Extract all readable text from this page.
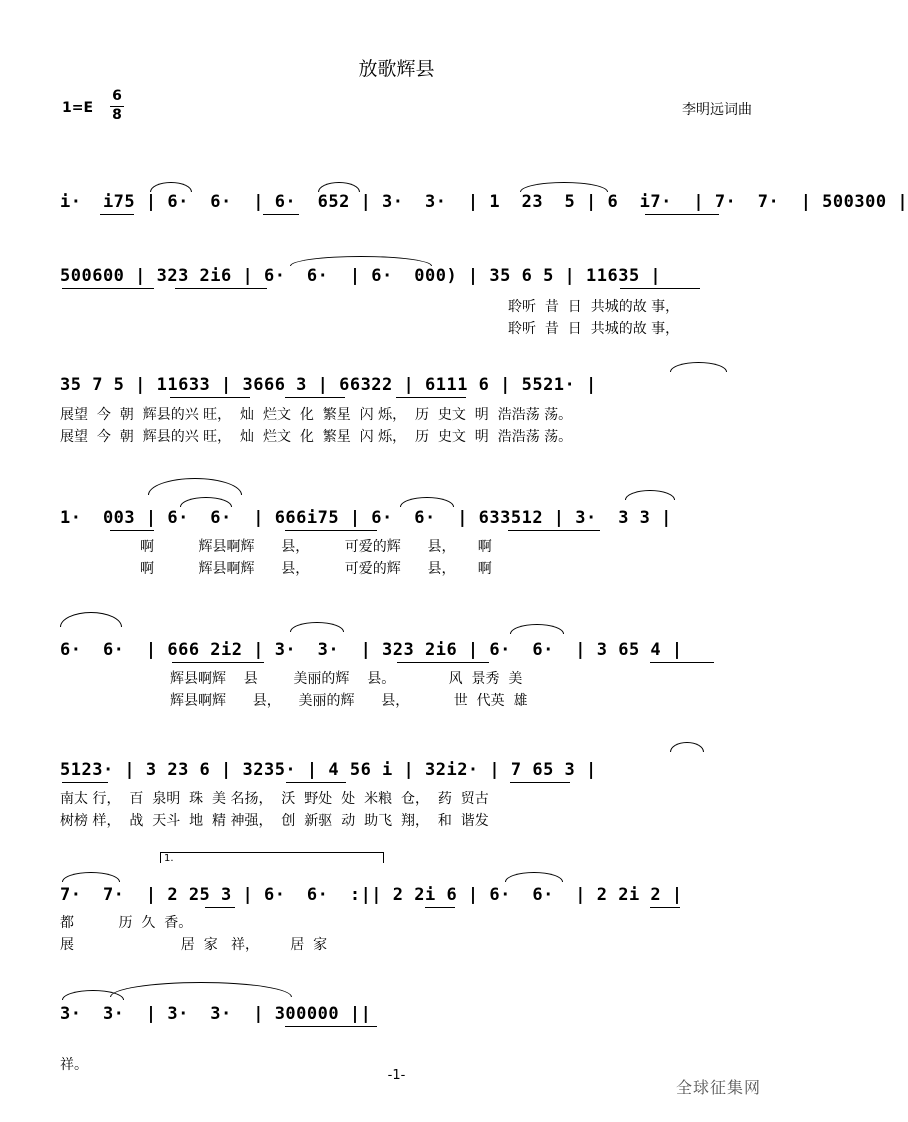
放歌辉县
1=E
6
8	李明远词曲
i·  i75 | 6·  6·  | 6·  652 | 3·  3·  | 1  23  5 | 6  i7·  | 7·  7·  | 500300 |
500600 | 323 2i6 | 6·  6·  | 6·  000) | 35 6 5 | 11635 |
聆听  昔  日  共城的故 事，
聆听  昔  日  共城的故 事，
35 7 5 | 11633 | 3666 3 | 66322 | 6111 6 | 5521· |
展望  今  朝  辉县的兴 旺，  灿  烂文  化  繁星  闪 烁，  历  史文  明  浩浩荡 荡。
展望  今  朝  辉县的兴 旺，  灿  烂文  化  繁星  闪 烁，  历  史文  明  浩浩荡 荡。
1·  003 | 6·  6·  | 666i75 | 6·  6·  | 633512 | 3·  3 3 |
啊          辉县啊辉      县，        可爱的辉      县，     啊
啊          辉县啊辉      县，        可爱的辉      县，     啊
6·  6·  | 666 2i2 | 3·  3·  | 323 2i6 | 6·  6·  | 3 65 4 |
辉县啊辉    县        美丽的辉    县。            风  景秀  美
辉县啊辉      县，    美丽的辉      县，          世  代英  雄
5123· | 3 23 6 | 3235· | 4 56 i | 32i2· | 7 65 3 |
南太 行，  百  泉明  珠  美 名扬，  沃  野处  处  米粮  仓，  药  贸古
树榜 样，  战  天斗  地  精 神强，  创  新驱  动  助飞  翔，  和  谐发
1.
7·  7·  | 2 25 3 | 6·  6·  :|| 2 2i 6 | 6·  6·  | 2 2i 2 |
都          历  久  香。
展                        居  家   祥，       居  家
3·  3·  | 3·  3·  | 300000 ||
祥。
-1-
全球征集网
